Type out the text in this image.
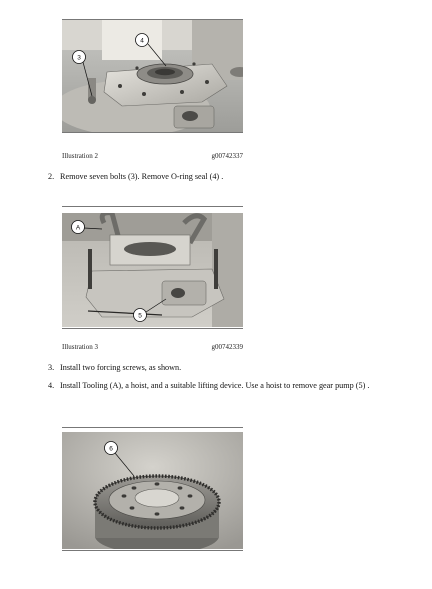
4
3
Illustration 2	g00742337
2. Remove seven bolts (3). Remove O-ring seal (4) .
A
5
Illustration 3	g00742339
3. Install two forcing screws, as shown.
4. Install Tooling (A), a hoist, and a suitable lifting device. Use a hoist to remove gear pump (5) .
6
